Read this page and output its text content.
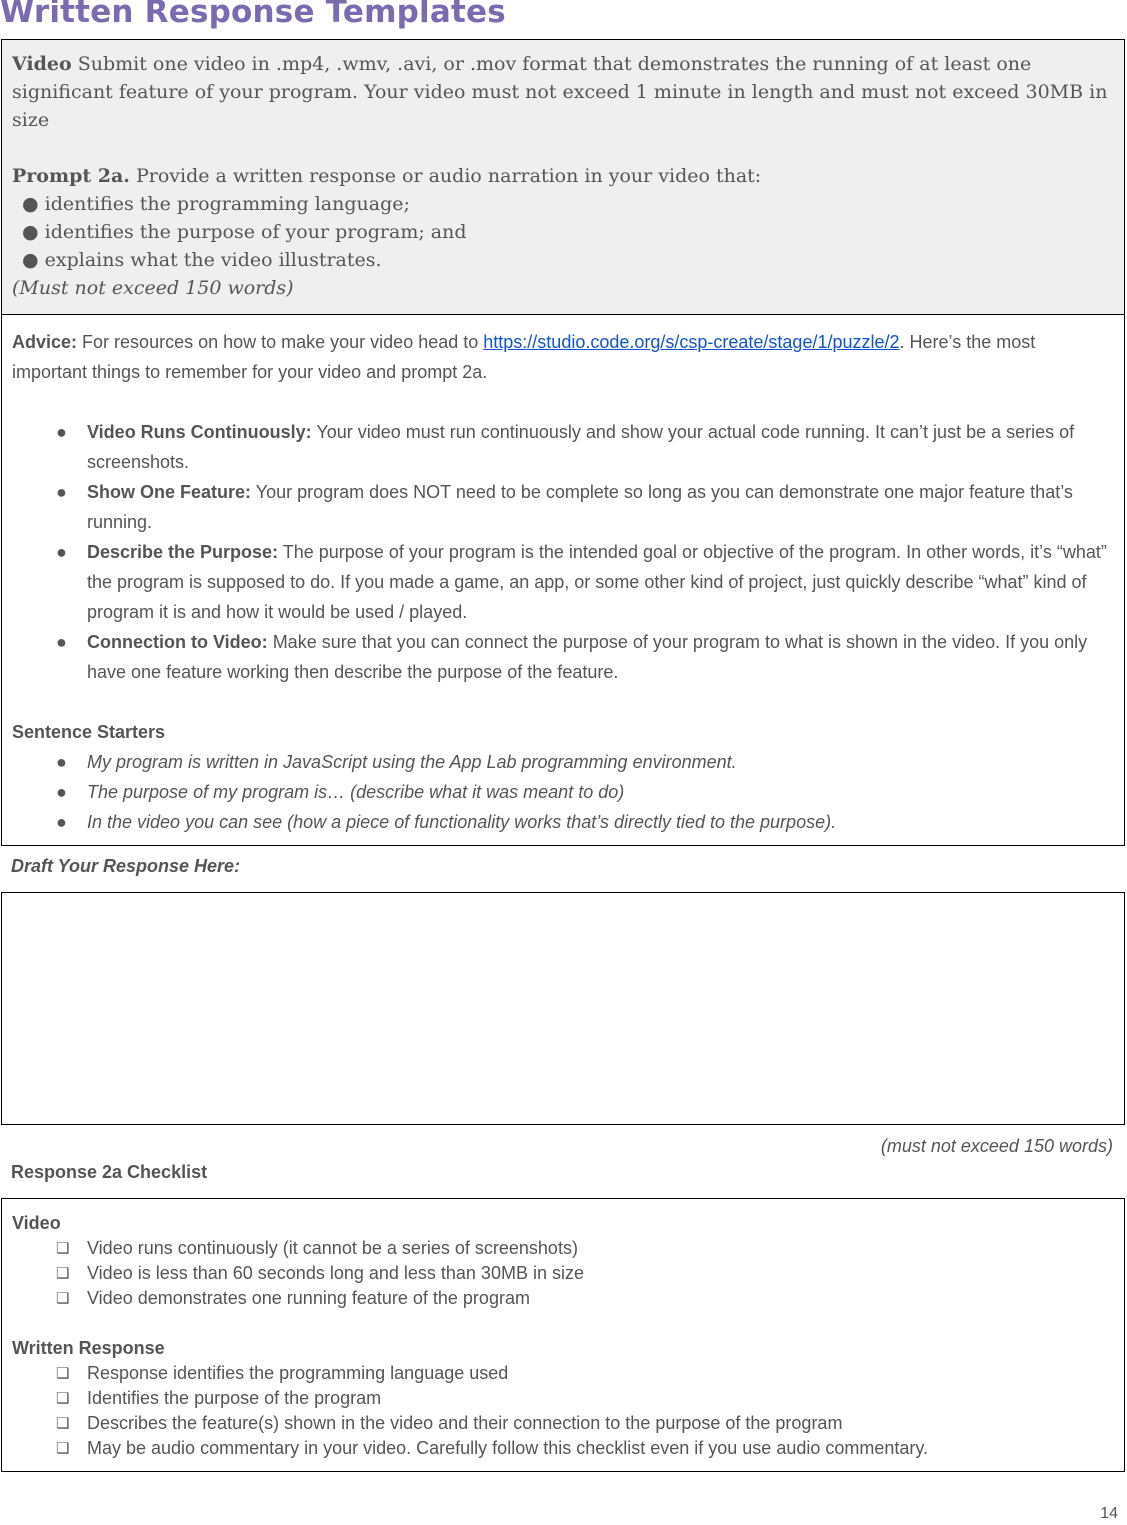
Written Response Templates
Video Submit one video in .mp4, .wmv, .avi, or .mov format that demonstrates the running of at least one significant feature of your program. Your video must not exceed 1 minute in length and must not exceed 30MB in size
Prompt 2a. Provide a written response or audio narration in your video that:
● identifies the programming language;
● identifies the purpose of your program; and
● explains what the video illustrates.
(Must not exceed 150 words)
Advice: For resources on how to make your video head to https://studio.code.org/s/csp-create/stage/1/puzzle/2. Here’s the most important things to remember for your video and prompt 2a.
● Video Runs Continuously: Your video must run continuously and show your actual code running. It can’t just be a series of screenshots.
● Show One Feature: Your program does NOT need to be complete so long as you can demonstrate one major feature that’s running.
● Describe the Purpose: The purpose of your program is the intended goal or objective of the program. In other words, it’s “what” the program is supposed to do. If you made a game, an app, or some other kind of project, just quickly describe “what” kind of program it is and how it would be used / played.
● Connection to Video: Make sure that you can connect the purpose of your program to what is shown in the video. If you only have one feature working then describe the purpose of the feature.
Sentence Starters
● My program is written in JavaScript using the App Lab programming environment.
● The purpose of my program is… (describe what it was meant to do)
● In the video you can see (how a piece of functionality works that’s directly tied to the purpose).
Draft Your Response Here:
(must not exceed 150 words)
Response 2a Checklist
Video
❏ Video runs continuously (it cannot be a series of screenshots)
❏ Video is less than 60 seconds long and less than 30MB in size
❏ Video demonstrates one running feature of the program
Written Response
❏ Response identifies the programming language used
❏ Identifies the purpose of the program
❏ Describes the feature(s) shown in the video and their connection to the purpose of the program
❏ May be audio commentary in your video. Carefully follow this checklist even if you use audio commentary.
14
